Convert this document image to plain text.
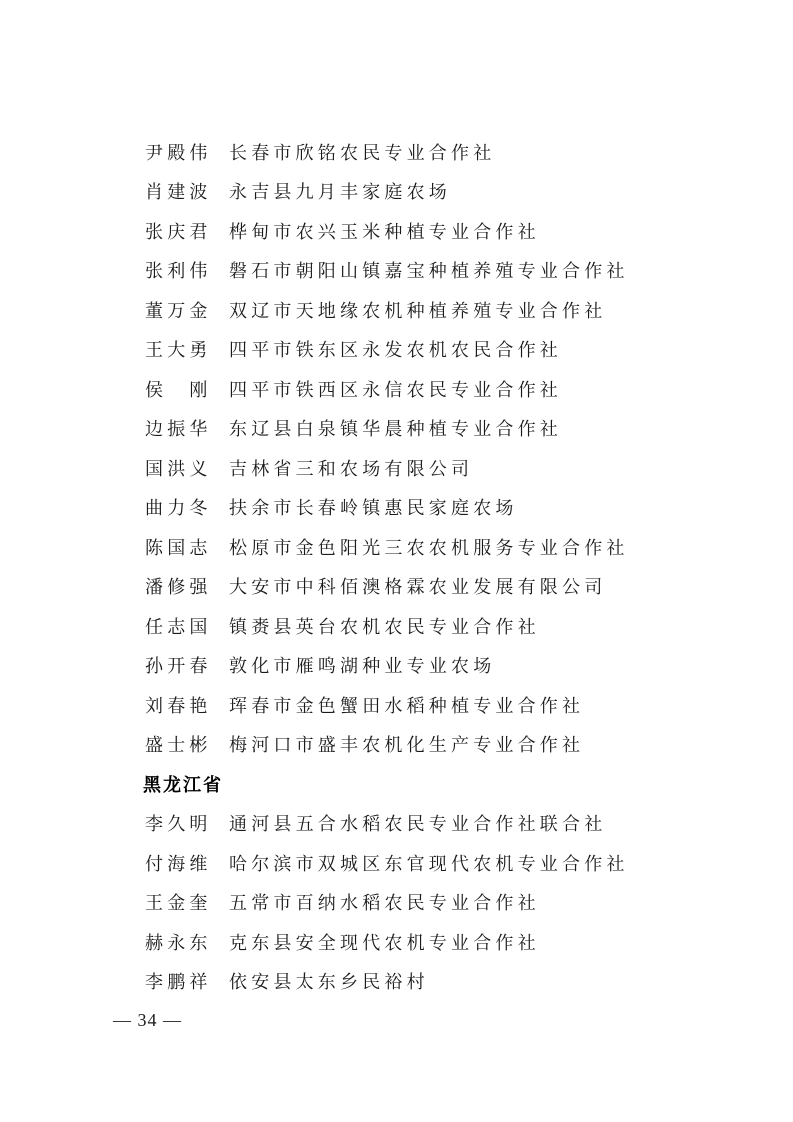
尹殿伟 长春市欣铭农民专业合作社
肖建波 永吉县九月丰家庭农场
张庆君 桦甸市农兴玉米种植专业合作社
张利伟 磐石市朝阳山镇嘉宝种植养殖专业合作社
董万金 双辽市天地缘农机种植养殖专业合作社
王大勇 四平市铁东区永发农机农民合作社
侯　刚 四平市铁西区永信农民专业合作社
边振华 东辽县白泉镇华晨种植专业合作社
国洪义 吉林省三和农场有限公司
曲力冬 扶余市长春岭镇惠民家庭农场
陈国志 松原市金色阳光三农农机服务专业合作社
潘修强 大安市中科佰澳格霖农业发展有限公司
任志国 镇赉县英台农机农民专业合作社
孙开春 敦化市雁鸣湖种业专业农场
刘春艳 珲春市金色蟹田水稻种植专业合作社
盛士彬 梅河口市盛丰农机化生产专业合作社
黑龙江省
李久明 通河县五合水稻农民专业合作社联合社
付海维 哈尔滨市双城区东官现代农机专业合作社
王金奎 五常市百纳水稻农民专业合作社
赫永东 克东县安全现代农机专业合作社
李鹏祥 依安县太东乡民裕村
— 34 —
